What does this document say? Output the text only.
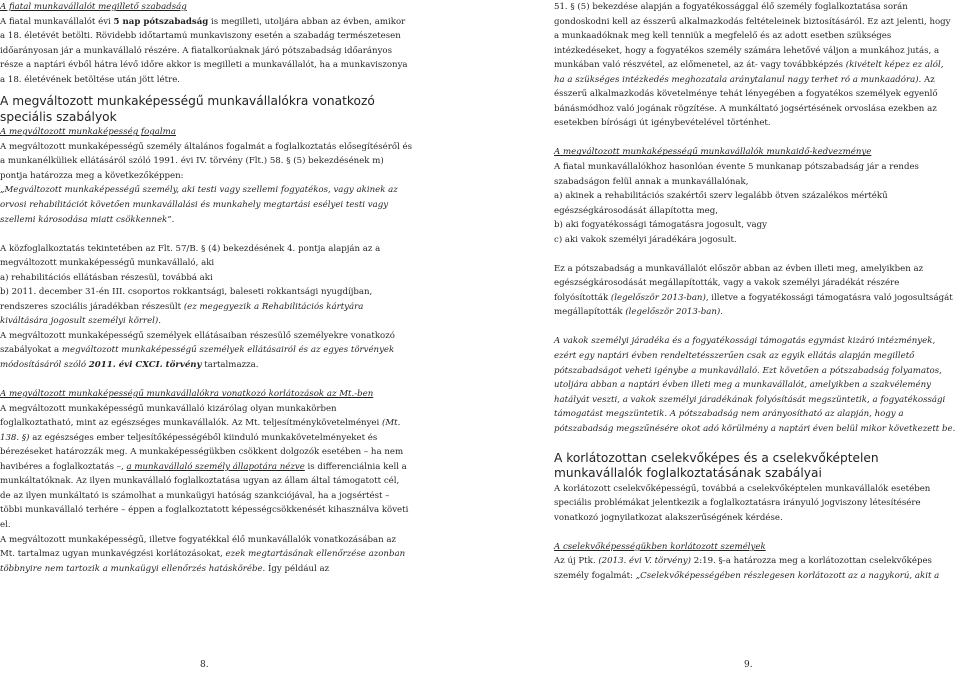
A fiatal munkavállalót megillető szabadság

A fiatal munkavállalót évi 5 nap pótszabadság is megilleti, utoljára abban az évben, amikor a 18. életévét betölti. Rövidebb időtartamú munkaviszony esetén a szabadág természetesen időarányosan jár a munkavállaló részére. A fiatalkorúaknak járó pótszabadság időarányos része a naptári évből hátra lévő időre akkor is megilleti a munkavállalót, ha a munkaviszonya a 18. életévének betöltése után jött létre.

A megváltozott munkaképességű munkavállalókra vonatkozó speciális szabályok

A megváltozott munkaképesség fogalma

A megváltozott munkaképességű személy általános fogalmát a foglalkoztatás elősegítéséről és a munkanélküliek ellátásáról szóló 1991. évi IV. törvény (Flt.) 58. § (5) bekezdésének m) pontja határozza meg a következőképpen:

„Megváltozott munkaképességű személy, aki testi vagy szellemi fogyatékos, vagy akinek az orvosi rehabilitációt követően munkavállalási és munkahely megtartási esélyei testi vagy szellemi károsodása miatt csökkennek”.

A közfoglalkoztatás tekintetében az Flt. 57/B. § (4) bekezdésének 4. pontja alapján az a megváltozott munkaképességű munkavállaló, aki

a) rehabilitációs ellátásban részesül, továbbá aki

b) 2011. december 31-én III. csoportos rokkantsági, baleseti rokkantsági nyugdíjban, rendszeres szociális járadékban részesült (ez megegyezik a Rehabilitációs kártyára kiváltására jogosult személyi körrel).

A megváltozott munkaképességű személyek ellátásaiban részesülő személyekre vonatkozó szabályokat a megváltozott munkaképességű személyek ellátásairól és az egyes törvények módosításáról szóló 2011. évi CXCI. törvény tartalmazza.

A megváltozott munkaképességű munkavállalókra vonatkozó korlátozások az Mt.-ben

A megváltozott munkaképességű munkavállaló kizárólag olyan munkakörben foglalkoztatható, mint az egészséges munkavállalók. Az Mt. teljesítménykövetelményei (Mt. 138. §) az egészséges ember teljesítőképességéből kiinduló munkakövetelményeket és bérezéseket határozzák meg. A munkaképességükben csökkent dolgozók esetében – ha nem havibéres a foglalkoztatás –, a munkavállaló személy állapotára nézve is differenciálnia kell a munkáltatóknak. Az ilyen munkavállaló foglalkoztatása ugyan az állam által támogatott cél, de az ilyen munkáltató is számolhat a munkaügyi hatóság szankciójával, ha a jogsértést – többi munkavállaló terhére – éppen a foglalkoztatott képességcsökkenését kihasználva követi el.

A megváltozott munkaképességű, illetve fogyatékkal élő munkavállalók vonatkozásában az Mt. tartalmaz ugyan munkavégzési korlátozásokat, ezek megtartásának ellenőrzése azonban többnyire nem tartozik a munkaügyi ellenőrzés hatáskörébe. Így például az

8.

51. § (5) bekezdése alapján a fogyatékossággal élő személy foglalkoztatása során gondoskodni kell az ésszerű alkalmazkodás feltételeinek biztosításáról. Ez azt jelenti, hogy a munkaadóknak meg kell tenniük a megfelelő és az adott esetben szükséges intézkedéseket, hogy a fogyatékos személy számára lehetővé váljon a munkához jutás, a munkában való részvétel, az előmenetel, az át- vagy továbbképzés (kivételt képez ez alól, ha a szükséges intézkedés meghozatala aránytalanul nagy terhet ró a munkaadóra). Az ésszerű alkalmazkodás követelménye tehát lényegében a fogyatékos személyek egyenlő bánásmódhoz való jogának rögzítése. A munkáltató jogsértésének orvoslása ezekben az esetekben bírósági út igénybevételével történhet.

A megváltozott munkaképességű munkavállalók munkaidő-kedvezménye

A fiatal munkavállalókhoz hasonlóan évente 5 munkanap pótszabadság jár a rendes szabadságon felül annak a munkavállalónak,

a) akinek a rehabilitációs szakértői szerv legalább ötven százalékos mértékű egészségkárosodását állapította meg,

b) aki fogyatékossági támogatásra jogosult, vagy

c) aki vakok személyi járadékára jogosult.

Ez a pótszabadság a munkavállalót először abban az évben illeti meg, amelyikben az egészségkárosodását megállapították, vagy a vakok személyi járadékát részére folyósították (legelőször 2013-ban), illetve a fogyatékossági támogatásra való jogosultságát megállapították (legelőször 2013-ban).

A vakok személyi járadéka és a fogyatékossági támogatás egymást kizáró intézmények, ezért egy naptári évben rendeltetésszerűen csak az egyik ellátás alapján megillető pótszabadságot veheti igénybe a munkavállaló. Ezt követően a pótszabadság folyamatos, utoljára abban a naptári évben illeti meg a munkavállalót, amelyikben a szakvélemény hatályát veszti, a vakok személyi járadékának folyósítását megszüntetik, a fogyatékossági támogatást megszüntetik. A pótszabadság nem arányosítható az alapján, hogy a pótszabadság megszűnésére okot adó körülmény a naptári éven belül mikor következett be.

A korlátozottan cselekvőképes és a cselekvőképtelen munkavállalók foglalkoztatásának szabályai

A korlátozott cselekvőképességű, továbbá a cselekvőképtelen munkavállalók esetében speciális problémákat jelentkezik a foglalkoztatásra irányuló jogviszony létesítésére vonatkozó jognyilatkozat alakszerűségének kérdése.

A cselekvőképességükben korlátozott személyek

Az új Ptk. (2013. évi V. törvény) 2:19. §-a határozza meg a korlátozottan cselekvőképes személy fogalmát: „Cselekvőképességében részlegesen korlátozott az a nagykorú, akit a

9.
